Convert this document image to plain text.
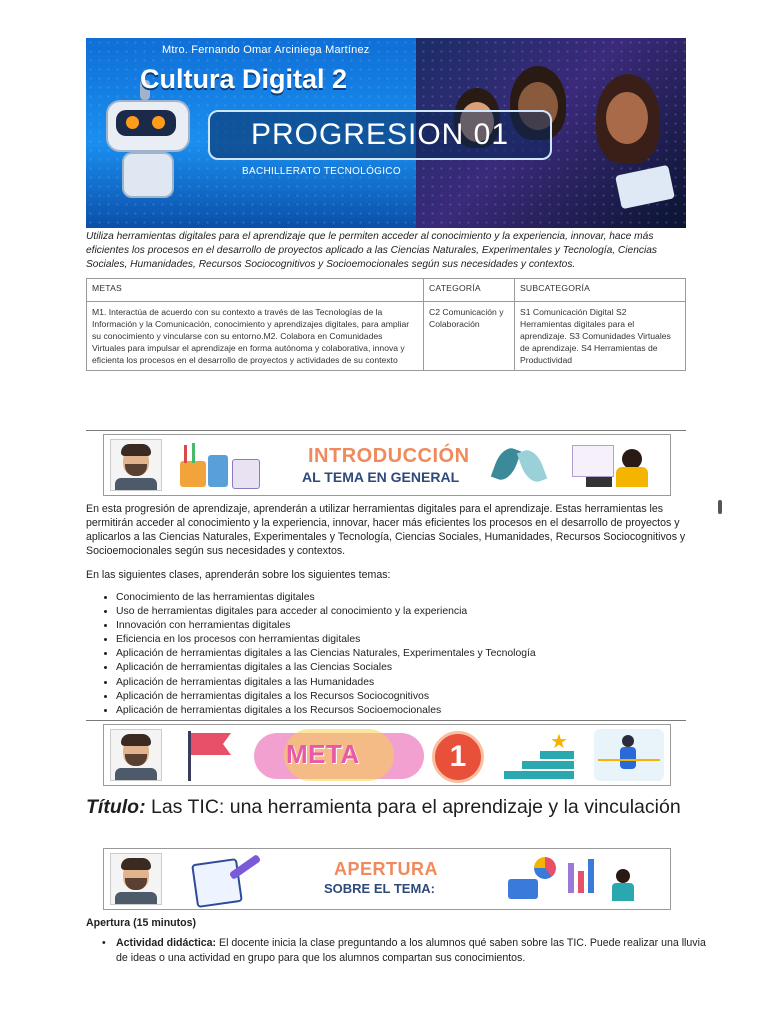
Mtro. Fernando Omar Arciniega Martínez
Cultura Digital 2
PROGRESION 01
BACHILLERATO TECNOLÓGICO

Utiliza herramientas digitales para el aprendizaje que le permiten acceder al conocimiento y la experiencia, innovar, hace más eficientes los procesos en el desarrollo de proyectos aplicado a las Ciencias Naturales, Experimentales y Tecnología, Ciencias Sociales, Humanidades, Recursos Sociocognitivos y Socioemocionales según sus necesidades y contextos.

METAS	CATEGORÍA	SUBCATEGORÍA
M1. Interactúa de acuerdo con su contexto a través de las Tecnologías de la Información y la Comunicación, conocimiento y aprendizajes digitales, para ampliar su conocimiento y vincularse con su entorno.M2. Colabora en Comunidades Virtuales para impulsar el aprendizaje en forma autónoma y colaborativa, innova y eficienta los procesos en el desarrollo de proyectos y actividades de su contexto	C2 Comunicación y Colaboración	S1 Comunicación Digital S2 Herramientas digitales para el aprendizaje. S3 Comunidades Virtuales de aprendizaje. S4 Herramientas de Productividad
INTRODUCCIÓN
AL TEMA EN GENERAL

En esta progresión de aprendizaje, aprenderán a utilizar herramientas digitales para el aprendizaje. Estas herramientas les permitirán acceder al conocimiento y la experiencia, innovar, hacer más eficientes los procesos en el desarrollo de proyectos y aplicarlos a las Ciencias Naturales, Experimentales y Tecnología, Ciencias Sociales, Humanidades, Recursos Sociocognitivos y Socioemocionales según sus necesidades y contextos.

En las siguientes clases, aprenderán sobre los siguientes temas:

• Conocimiento de las herramientas digitales
• Uso de herramientas digitales para acceder al conocimiento y la experiencia
• Innovación con herramientas digitales
• Eficiencia en los procesos con herramientas digitales
• Aplicación de herramientas digitales a las Ciencias Naturales, Experimentales y Tecnología
• Aplicación de herramientas digitales a las Ciencias Sociales
• Aplicación de herramientas digitales a las Humanidades
• Aplicación de herramientas digitales a los Recursos Sociocognitivos
• Aplicación de herramientas digitales a los Recursos Socioemocionales
META	1	★
Título: Las TIC: una herramienta para el aprendizaje y la vinculación
APERTURA
SOBRE EL TEMA:
Apertura (15 minutos)
• Actividad didáctica: El docente inicia la clase preguntando a los alumnos qué saben sobre las TIC. Puede realizar una lluvia de ideas o una actividad en grupo para que los alumnos compartan sus conocimientos.
